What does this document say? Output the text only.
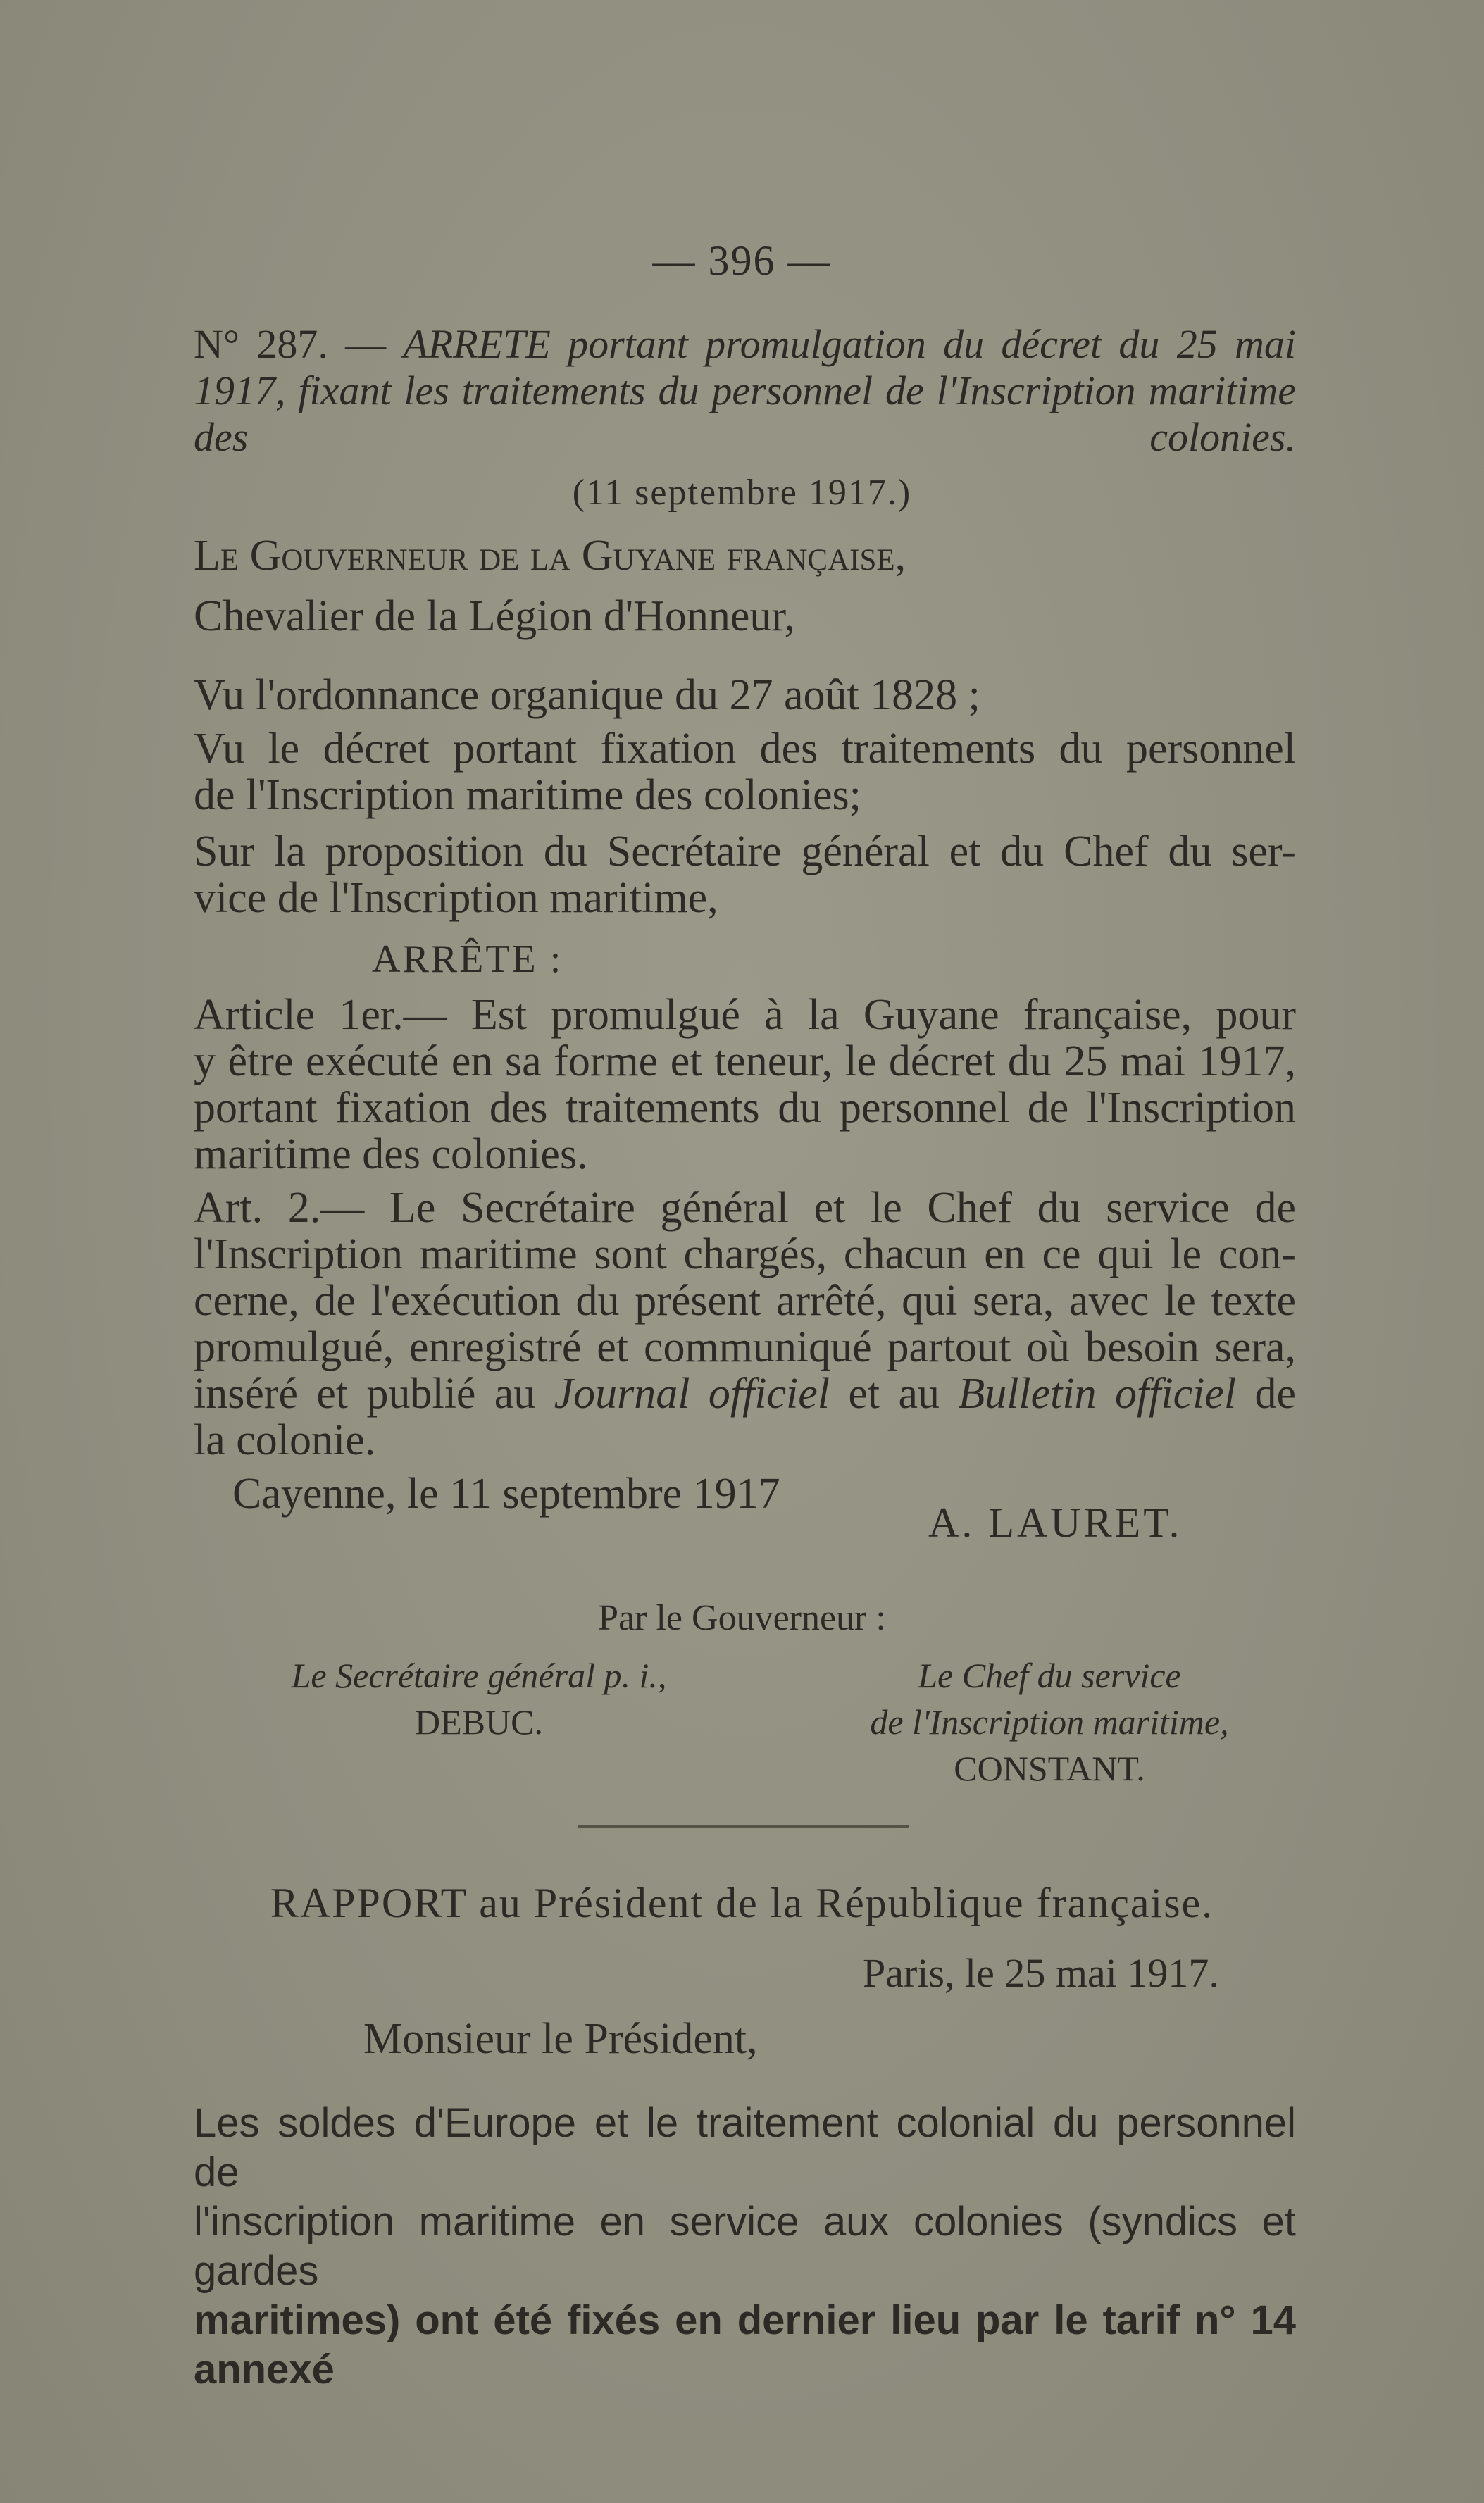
— 396 —
N° 287. — ARRETE portant promulgation du décret du 25 mai 1917, fixant les traitements du personnel de l'Inscription maritime des colonies.
(11 septembre 1917.)
Le Gouverneur de la Guyane française,
Chevalier de la Légion d'Honneur,
Vu l'ordonnance organique du 27 août 1828 ;
Vu le décret portant fixation des traitements du personnel
de l'Inscription maritime des colonies;
Sur la proposition du Secrétaire général et du Chef du ser-
vice de l'Inscription maritime,
ARRÊTE :
Article 1er.— Est promulgué à la Guyane française, pour
y être exécuté en sa forme et teneur, le décret du 25 mai 1917,
portant fixation des traitements du personnel de l'Inscription
maritime des colonies.
Art. 2.— Le Secrétaire général et le Chef du service de
l'Inscription maritime sont chargés, chacun en ce qui le con-
cerne, de l'exécution du présent arrêté, qui sera, avec le texte
promulgué, enregistré et communiqué partout où besoin sera,
inséré et publié au Journal officiel et au Bulletin officiel de
la colonie.
Cayenne, le 11 septembre 1917
A. LAURET.
Par le Gouverneur :
Le Secrétaire général p. i.,
DEBUC.
Le Chef du service
de l'Inscription maritime,
CONSTANT.
RAPPORT au Président de la République française.
Paris, le 25 mai 1917.
Monsieur le Président,
Les soldes d'Europe et le traitement colonial du personnel de
l'inscription maritime en service aux colonies (syndics et gardes
maritimes) ont été fixés en dernier lieu par le tarif n° 14 annexé
